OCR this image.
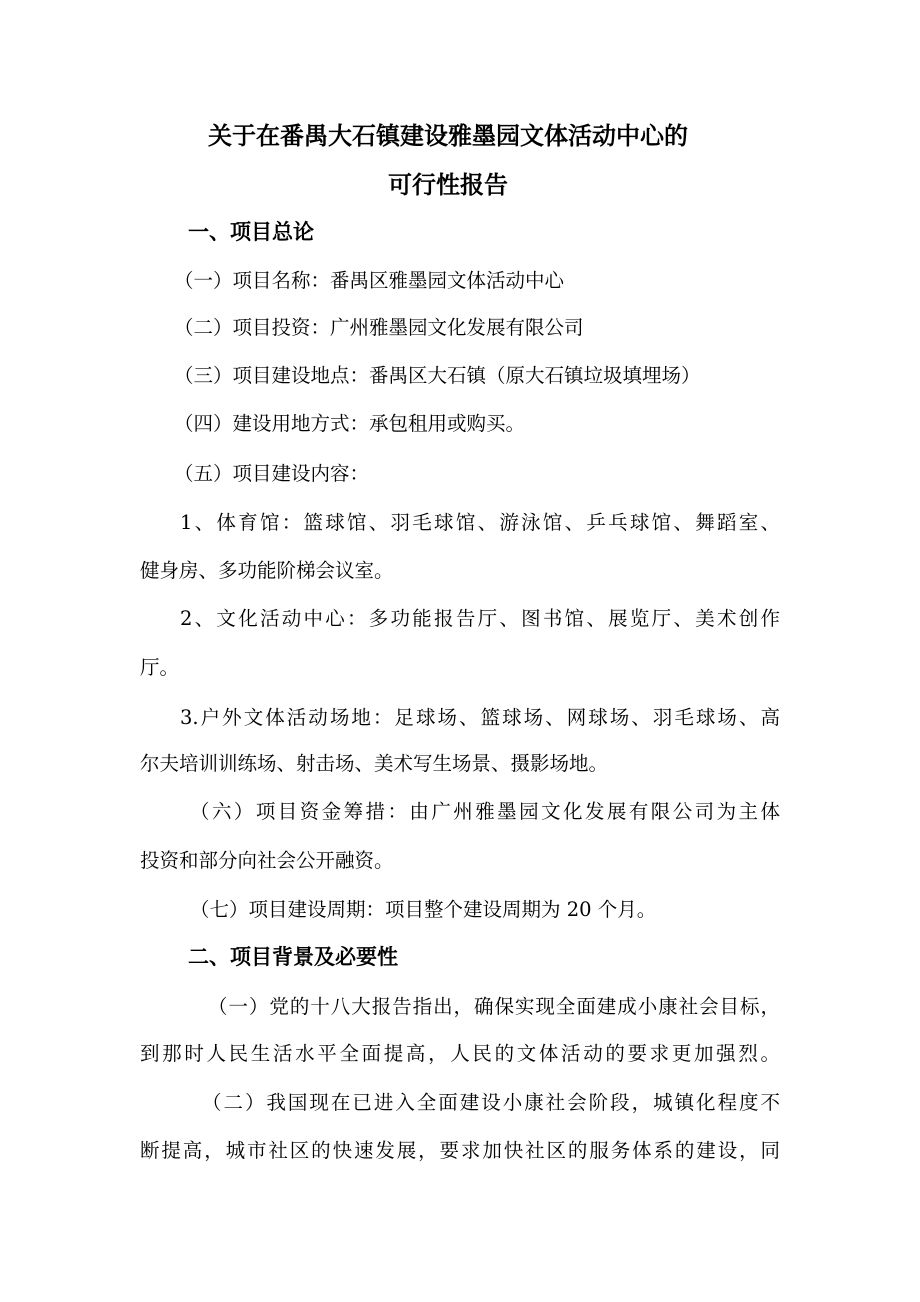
关于在番禺大石镇建设雅墨园文体活动中心的
可行性报告
一、项目总论
（一）项目名称：番禺区雅墨园文体活动中心
（二）项目投资：广州雅墨园文化发展有限公司
（三）项目建设地点：番禺区大石镇（原大石镇垃圾填埋场）
（四）建设用地方式：承包租用或购买。
（五）项目建设内容：
1、体育馆：篮球馆、羽毛球馆、游泳馆、乒乓球馆、舞蹈室、
健身房、多功能阶梯会议室。
2、文化活动中心：多功能报告厅、图书馆、展览厅、美术创作
厅。
3.户外文体活动场地：足球场、篮球场、网球场、羽毛球场、高
尔夫培训训练场、射击场、美术写生场景、摄影场地。
（六）项目资金筹措：由广州雅墨园文化发展有限公司为主体
投资和部分向社会公开融资。
（七）项目建设周期：项目整个建设周期为 20 个月。
二、项目背景及必要性
（一）党的十八大报告指出，确保实现全面建成小康社会目标，
到那时人民生活水平全面提高，人民的文体活动的要求更加强烈。
（二）我国现在已进入全面建设小康社会阶段，城镇化程度不
断提高，城市社区的快速发展，要求加快社区的服务体系的建设，同
